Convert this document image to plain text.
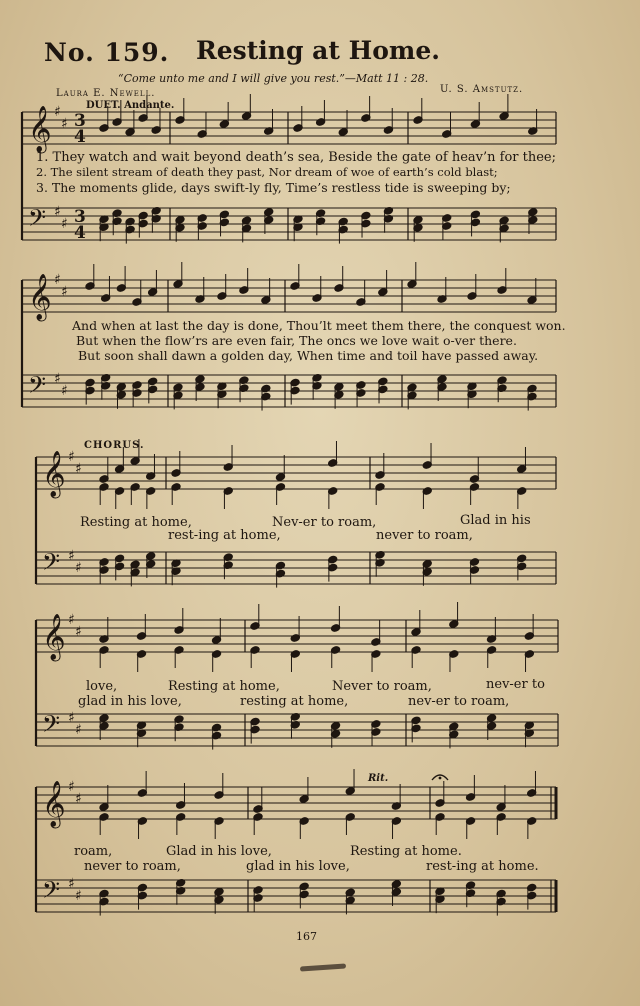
No. 159. Resting at Home.
“Come unto me and I will give you rest.”—Matt 11 : 28.
Laura E. Newell.	U. S. Amstutz.
DUET. Andante.
𝄞
𝄢
♯
♯
♯
♯
3
4
3
4
𝄞
𝄢
♯
♯
♯
♯
𝄞
𝄢
♯
♯
♯
♯
𝄞
𝄢
♯
♯
♯
♯
𝄞
𝄢
♯
♯
♯
♯
1. They watch and wait beyond death’s sea, Beside the gate of heav’n for thee;
2. The silent stream of death they past, Nor dream of woe of earth’s cold blast;
3. The moments glide, days swift-ly fly, Time’s restless tide is sweeping by;
And when at last the day is done, Thou’lt meet them there, the conquest won.
But when the flow’rs are even fair, The oncs we love wait o-ver there.
But soon shall dawn a golden day, When time and toil have passed away.
CHORUS.
Rit.
Resting at home,	Nev-er to roam,	Glad in his
rest-ing at home,	never to roam,
love,	Resting at home,	Never to roam,	nev-er to
glad in his love,	resting at home,	nev-er to roam,
roam,	Glad in his love,	Resting at home.
never to roam,	glad in his love,	rest-ing at home.
167
